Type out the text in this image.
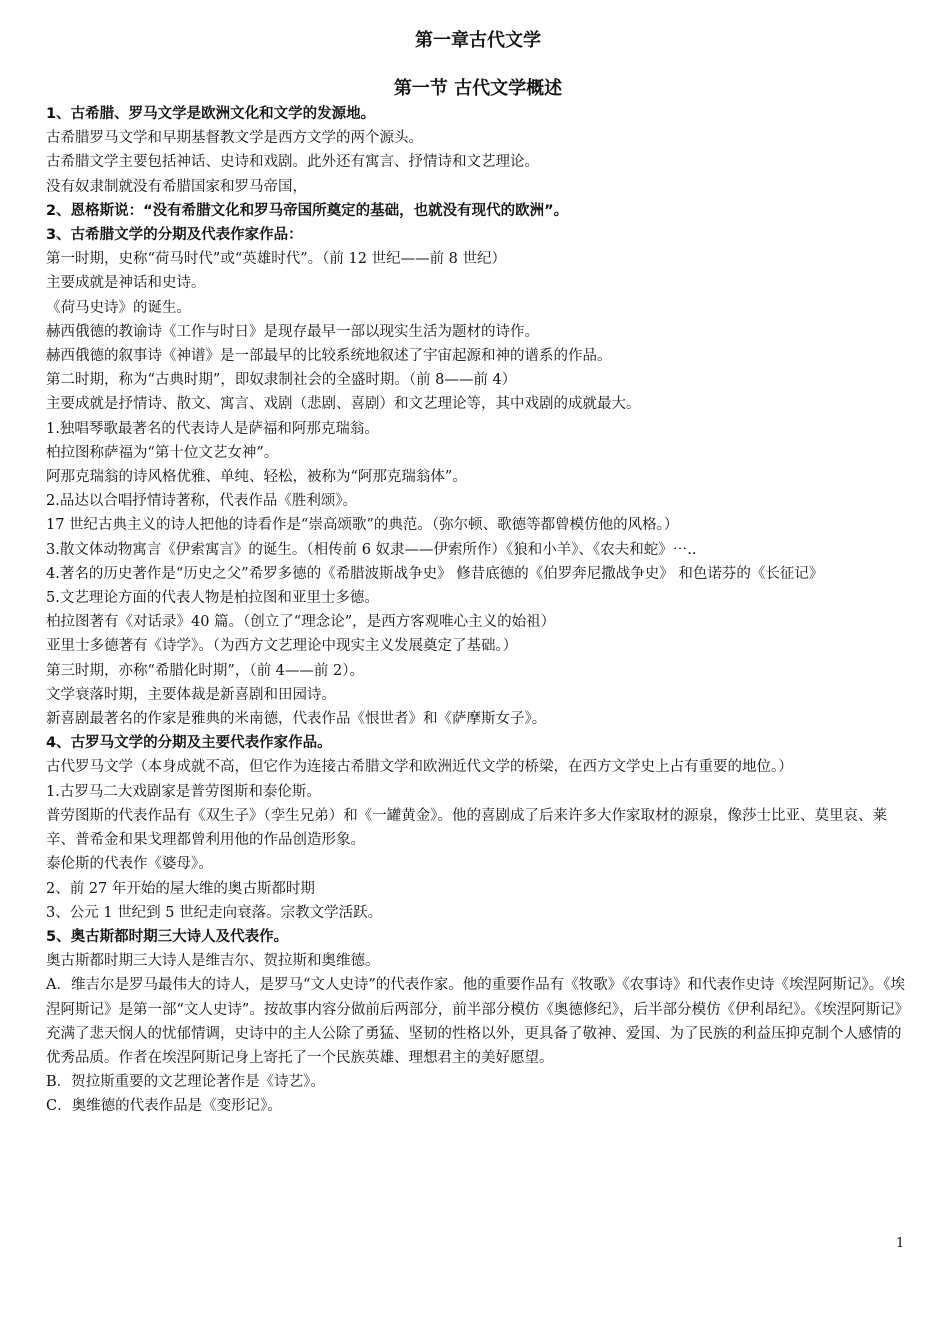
第一章古代文学
第一节 古代文学概述

1、古希腊、罗马文学是欧洲文化和文学的发源地。

古希腊罗马文学和早期基督教文学是西方文学的两个源头。

古希腊文学主要包括神话、史诗和戏剧。此外还有寓言、抒情诗和文艺理论。

没有奴隶制就没有希腊国家和罗马帝国，

2、恩格斯说：“没有希腊文化和罗马帝国所奠定的基础，也就没有现代的欧洲”。

3、古希腊文学的分期及代表作家作品：

第一时期，史称“荷马时代”或“英雄时代”。（前 12 世纪——前 8 世纪）

主要成就是神话和史诗。

《荷马史诗》的诞生。

赫西俄德的教谕诗《工作与时日》是现存最早一部以现实生活为题材的诗作。

赫西俄德的叙事诗《神谱》是一部最早的比较系统地叙述了宇宙起源和神的谱系的作品。

第二时期，称为“古典时期”，即奴隶制社会的全盛时期。（前 8——前 4）

主要成就是抒情诗、散文、寓言、戏剧（悲剧、喜剧）和文艺理论等，其中戏剧的成就最大。

1.独唱琴歌最著名的代表诗人是萨福和阿那克瑞翁。

柏拉图称萨福为“第十位文艺女神”。

阿那克瑞翁的诗风格优雅、单纯、轻松，被称为“阿那克瑞翁体”。

2.品达以合唱抒情诗著称，代表作品《胜利颂》。

17 世纪古典主义的诗人把他的诗看作是“崇高颂歌”的典范。（弥尔顿、歌德等都曾模仿他的风格。）

3.散文体动物寓言《伊索寓言》的诞生。（相传前 6 奴隶——伊索所作）《狼和小羊》、《农夫和蛇》⋯..

4.著名的历史著作是“历史之父”希罗多德的《希腊波斯战争史》 修昔底德的《伯罗奔尼撒战争史》 和色诺芬的《长征记》

5.文艺理论方面的代表人物是柏拉图和亚里士多德。

柏拉图著有《对话录》40 篇。（创立了“理念论”，是西方客观唯心主义的始祖）

亚里士多德著有《诗学》。（为西方文艺理论中现实主义发展奠定了基础。）

第三时期，亦称“希腊化时期”，（前 4——前 2）。

文学衰落时期，主要体裁是新喜剧和田园诗。

新喜剧最著名的作家是雅典的米南德，代表作品《恨世者》和《萨摩斯女子》。

4、古罗马文学的分期及主要代表作家作品。

古代罗马文学（本身成就不高，但它作为连接古希腊文学和欧洲近代文学的桥梁，在西方文学史上占有重要的地位。）

1.古罗马二大戏剧家是普劳图斯和泰伦斯。

普劳图斯的代表作品有《双生子》（孪生兄弟）和《一罐黄金》。他的喜剧成了后来许多大作家取材的源泉，像莎士比亚、莫里哀、莱辛、普希金和果戈理都曾利用他的作品创造形象。

泰伦斯的代表作《婆母》。

2、前 27 年开始的屋大维的奥古斯都时期

3、公元 1 世纪到 5 世纪走向衰落。宗教文学活跃。

5、奥古斯都时期三大诗人及代表作。

奥古斯都时期三大诗人是维吉尔、贺拉斯和奥维德。

A．维吉尔是罗马最伟大的诗人，是罗马“文人史诗”的代表作家。他的重要作品有《牧歌》《农事诗》和代表作史诗《埃涅阿斯记》。《埃涅阿斯记》是第一部“文人史诗”。按故事内容分做前后两部分，前半部分模仿《奥德修纪》，后半部分模仿《伊利昂纪》。《埃涅阿斯记》充满了悲天悯人的忧郁情调，史诗中的主人公除了勇猛、坚韧的性格以外，更具备了敬神、爱国、为了民族的利益压抑克制个人感情的优秀品质。作者在埃涅阿斯记身上寄托了一个民族英雄、理想君主的美好愿望。

B．贺拉斯重要的文艺理论著作是《诗艺》。

C．奥维德的代表作品是《变形记》。

1
